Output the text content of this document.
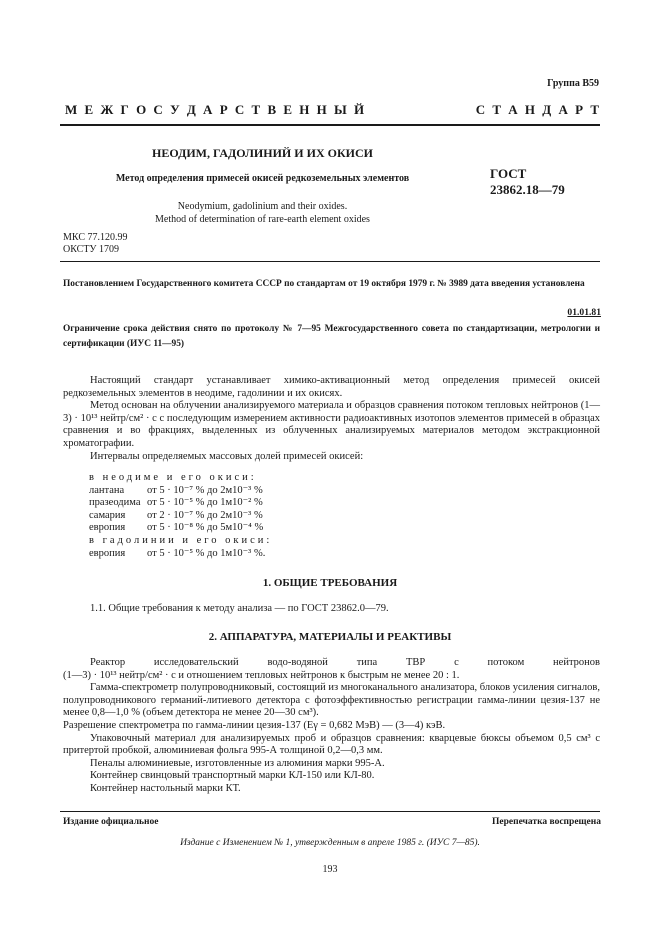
Группа B59
М Е Ж Г О С У Д А Р С Т В Е Н Н Ы Й	С Т А Н Д А Р Т
НЕОДИМ, ГАДОЛИНИЙ И ИХ ОКИСИ
Метод определения примесей окисей редкоземельных элементов
Neodymium, gadolinium and their oxides.
Method of determination of rare-earth element oxides
ГОСТ
23862.18—79
МКС 77.120.99
ОКСТУ 1709
Постановлением Государственного комитета СССР по стандартам от 19 октября 1979 г. № 3989 дата введения установлена
01.01.81
Ограничение срока действия снято по протоколу № 7—95 Межгосударственного совета по стандартизации, метрологии и сертификации (ИУС 11—95)

Настоящий стандарт устанавливает химико-активационный метод определения примесей окисей редкоземельных элементов в неодиме, гадолинии и их окисях.

Метод основан на облучении анализируемого материала и образцов сравнения потоком тепловых нейтронов (1—3) · 10¹³ нейтр/см² · с с последующим измерением активности радиоактивных изотопов элементов примесей в образцах сравнения и во фракциях, выделенных из облученных анализируемых материалов методом экстракционной хроматографии.

Интервалы определяемых массовых долей примесей окисей:

в неодиме и его окиси:
лантана	от 5 · 10⁻⁷ % до 2м10⁻³ %
празеодима от 5 · 10⁻⁵ % до 1м10⁻² %
самария	от 2 · 10⁻⁷ % до 2м10⁻³ %
европия	от 5 · 10⁻⁸ % до 5м10⁻⁴ %
в гадолинии и его окиси:
европия	от 5 · 10⁻⁵ % до 1м10⁻³ %.
1. ОБЩИЕ ТРЕБОВАНИЯ

1.1. Общие требования к методу анализа — по ГОСТ 23862.0—79.

2. АППАРАТУРА, МАТЕРИАЛЫ И РЕАКТИВЫ

Реактор исследовательский водо-водяной типа ТВР с потоком нейтронов

(1—3) · 10¹³ нейтр/см² · с и отношением тепловых нейтронов к быстрым не менее 20 : 1.

Гамма-спектрометр полупроводниковый, состоящий из многоканального анализатора, блоков усиления сигналов, полупроводникового германий-литиевого детектора с фотоэффективностью регистрации гамма-линии цезия-137 не менее 0,8—1,0 % (объем детектора не менее 20—30 см³).

Разрешение спектрометра по гамма-линии цезия-137 (Eγ = 0,682 МэВ) — (3—4) кэВ.

Упаковочный материал для анализируемых проб и образцов сравнения: кварцевые бюксы объемом 0,5 см³ с притертой пробкой, алюминиевая фольга 995-А толщиной 0,2—0,3 мм.

Пеналы алюминиевые, изготовленные из алюминия марки 995-А.

Контейнер свинцовый транспортный марки КЛ-150 или КЛ-80.

Контейнер настольный марки КТ.

Издание официальное	Перепечатка воспрещена
Издание с Изменением № 1, утвержденным в апреле 1985 г. (ИУС 7—85).
193
